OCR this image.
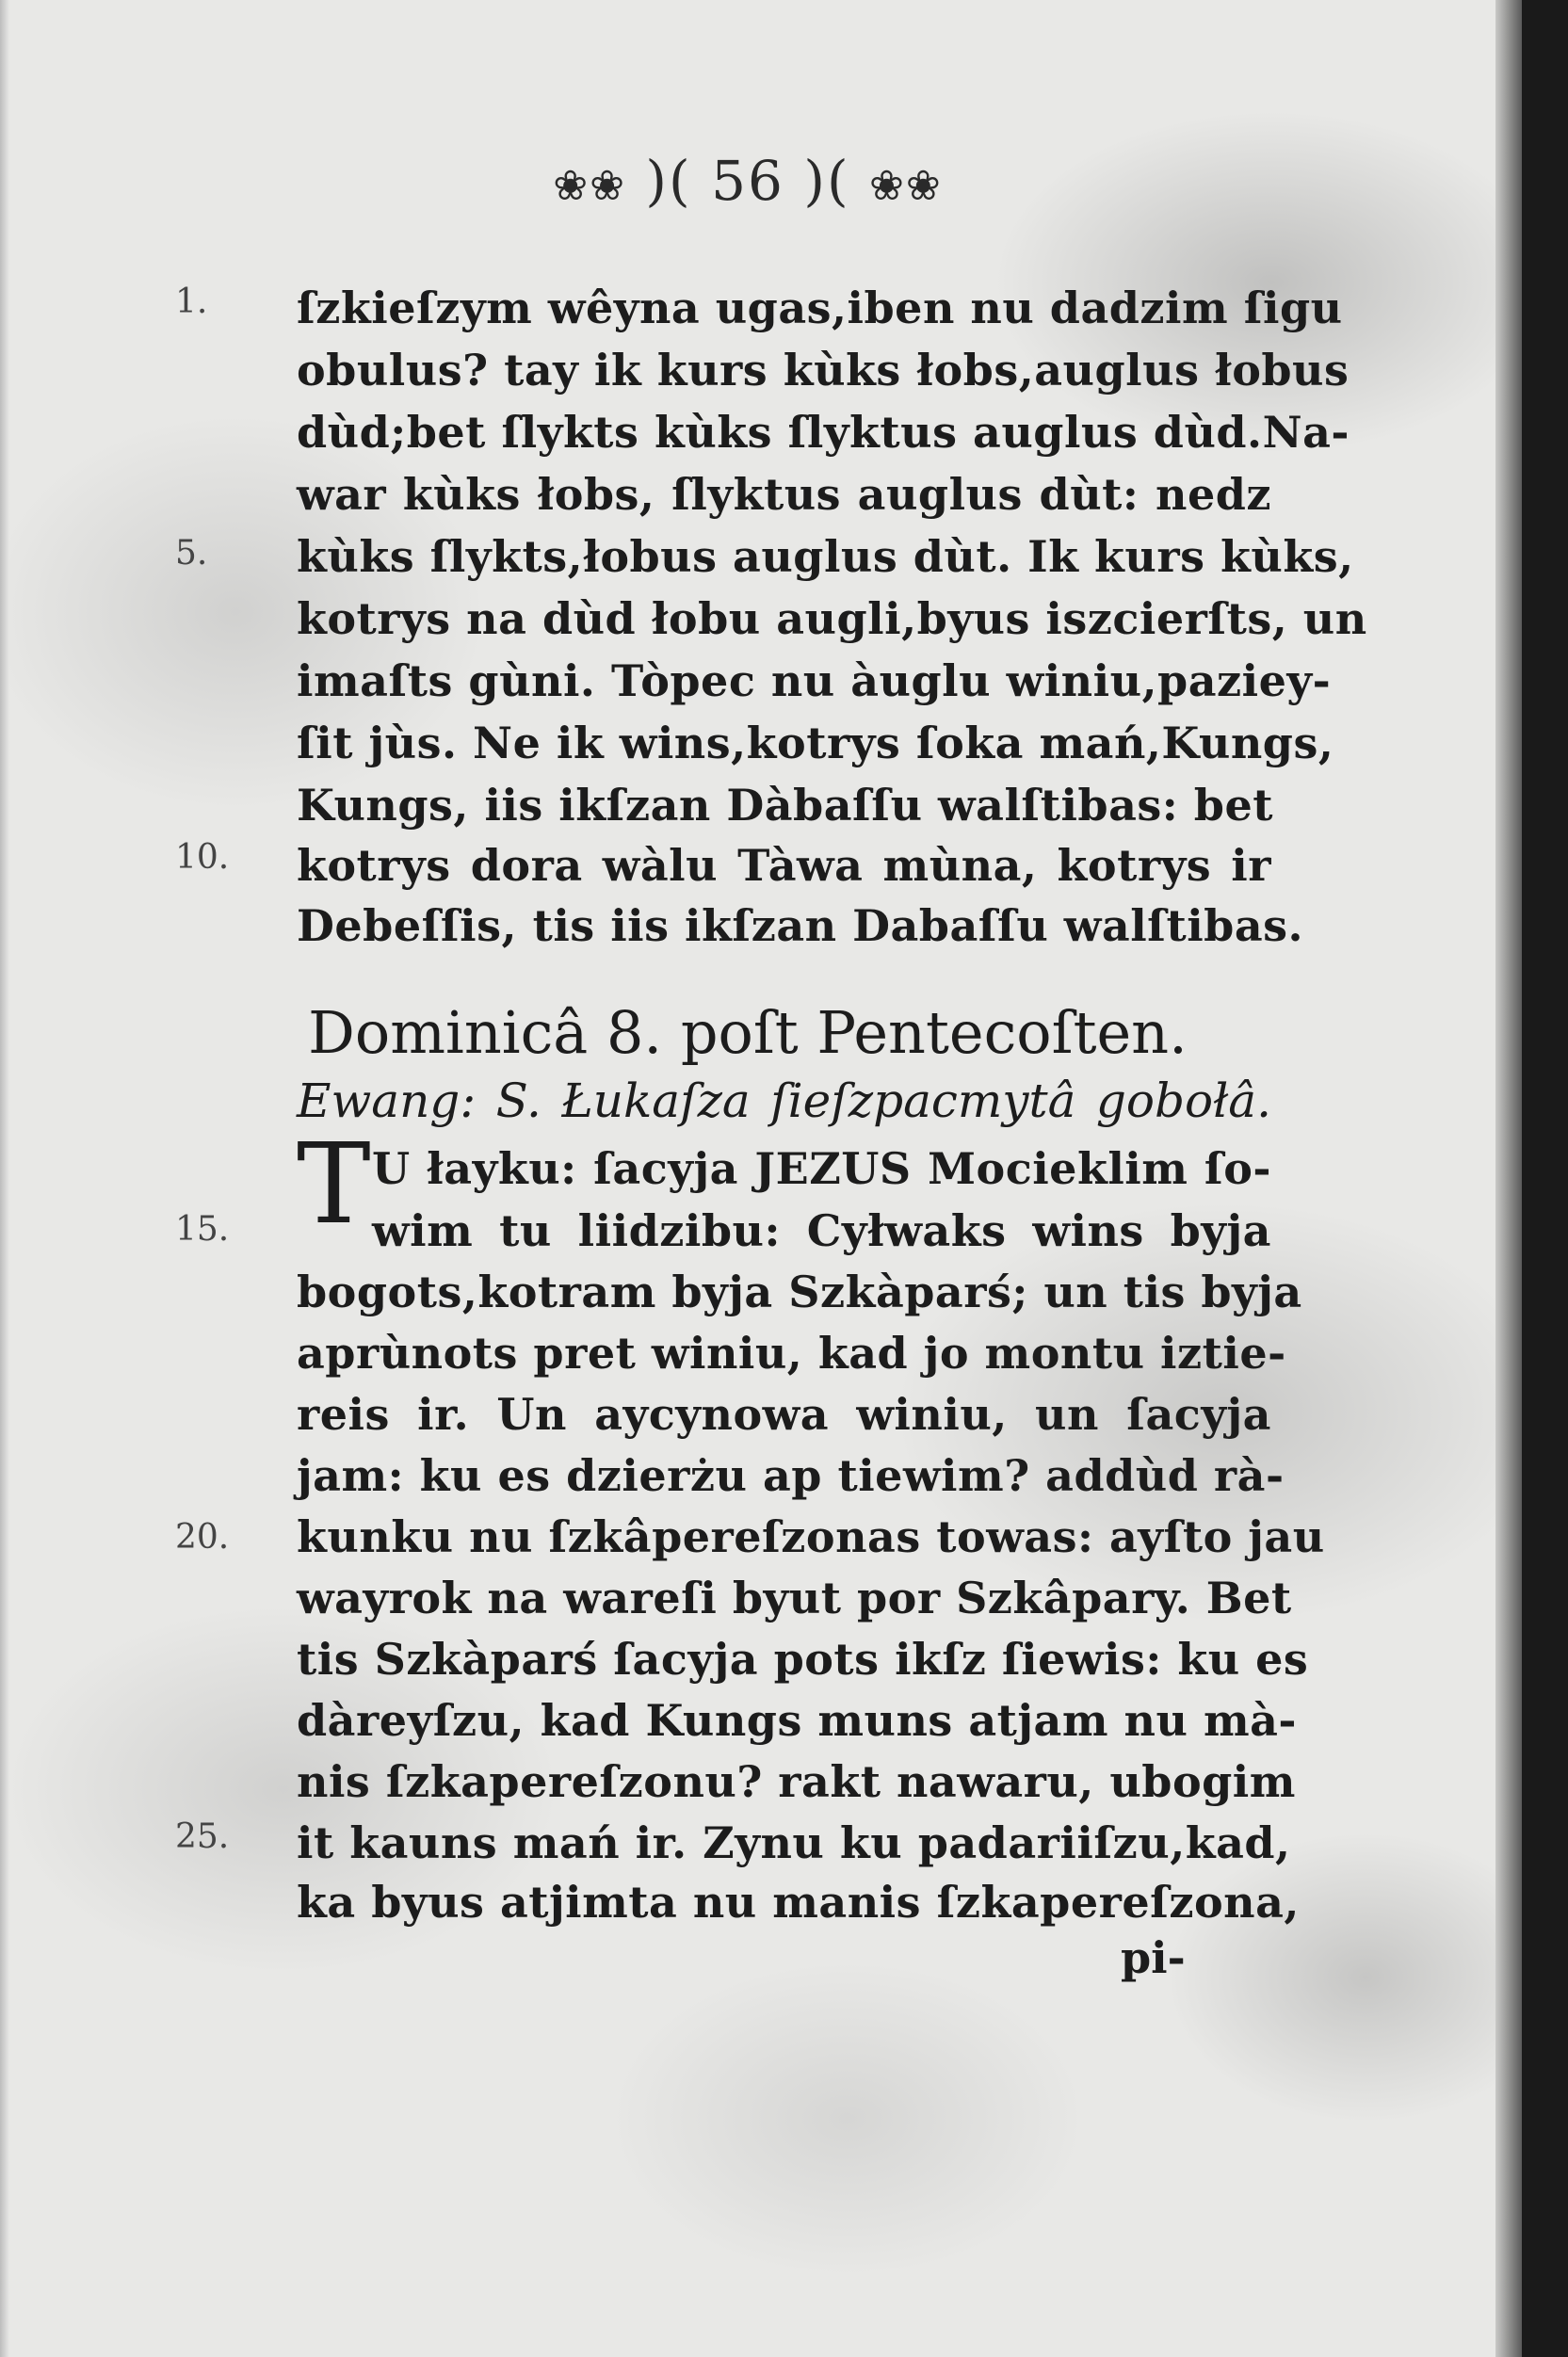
❀❀ )( 56 )( ❀❀
1.
5.
10.
15.
20.
25.
ſzkieſzym wêyna ugas,iben nu dadzim ſigu
obulus? tay ik kurs kùks łobs,auglus łobus
dùd;bet ſlykts kùks ſlyktus auglus dùd.Na-
war kùks łobs, ſlyktus auglus dùt: nedz
kùks ſlykts,łobus auglus dùt. Ik kurs kùks,
kotrys na dùd łobu augli,byus iszcierſts, un
imaſts gùni. Tòpec nu àuglu winiu,paziey-
ſit jùs. Ne ik wins,kotrys ſoka mań,Kungs,
Kungs, iis ikſzan Dàbaſſu walſtibas: bet
kotrys dora wàlu Tàwa mùna, kotrys ir
Debeſſis, tis iis ikſzan Dabaſſu walſtibas.
Dominicâ 8. poſt Pentecoſten.
Ewang: S. Łukaſza ſieſzpacmytâ gobołâ.
T U łayku: ſacyja JEZUS Mocieklim ſo-
wim tu liidzibu: Cyłwaks wins byja
bogots,kotram byja Szkàparś; un tis byja
aprùnots pret winiu, kad jo montu iztie-
reis ir. Un aycynowa winiu, un ſacyja
jam: ku es dzierżu ap tiewim? addùd rà-
kunku nu ſzkâpereſzonas towas: ayſto jau
wayrok na wareſi byut por Szkâpary. Bet
tis Szkàparś ſacyja pots ikſz ſiewis: ku es
dàreyſzu, kad Kungs muns atjam nu mà-
nis ſzkapereſzonu? rakt nawaru, ubogim
it kauns mań ir. Zynu ku padariiſzu,kad,
ka byus atjimta nu manis ſzkapereſzona,
pi-
